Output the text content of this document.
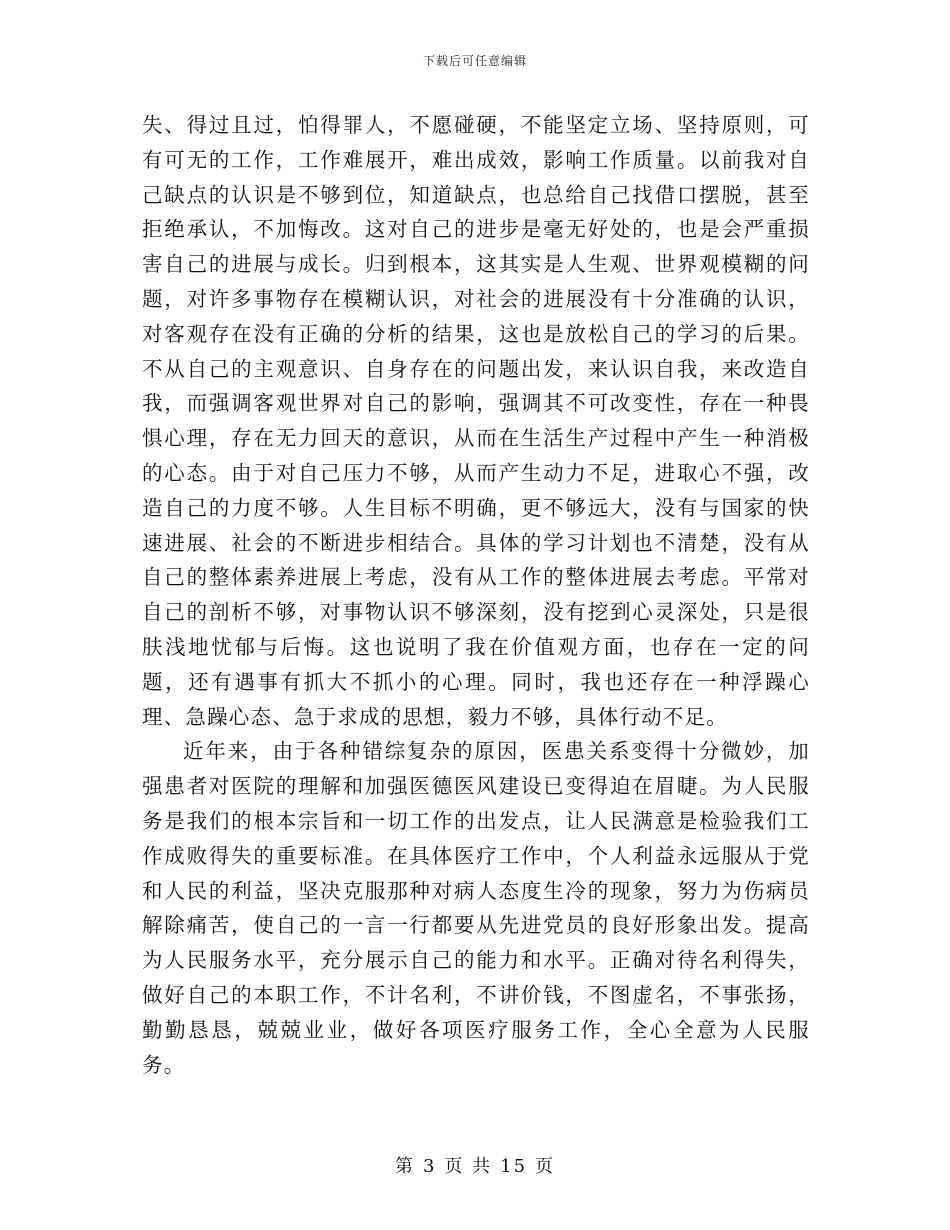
下载后可任意编辑

失、得过且过，怕得罪人，不愿碰硬，不能坚定立场、坚持原则，可有可无的工作，工作难展开，难出成效，影响工作质量。以前我对自己缺点的认识是不够到位，知道缺点，也总给自己找借口摆脱，甚至拒绝承认，不加悔改。这对自己的进步是毫无好处的，也是会严重损害自己的进展与成长。归到根本，这其实是人生观、世界观模糊的问题，对许多事物存在模糊认识，对社会的进展没有十分准确的认识，对客观存在没有正确的分析的结果，这也是放松自己的学习的后果。不从自己的主观意识、自身存在的问题出发，来认识自我，来改造自我，而强调客观世界对自己的影响，强调其不可改变性，存在一种畏惧心理，存在无力回天的意识，从而在生活生产过程中产生一种消极的心态。由于对自己压力不够，从而产生动力不足，进取心不强，改造自己的力度不够。人生目标不明确，更不够远大，没有与国家的快速进展、社会的不断进步相结合。具体的学习计划也不清楚，没有从自己的整体素养进展上考虑，没有从工作的整体进展去考虑。平常对自己的剖析不够，对事物认识不够深刻，没有挖到心灵深处，只是很肤浅地忧郁与后悔。这也说明了我在价值观方面，也存在一定的问题，还有遇事有抓大不抓小的心理。同时，我也还存在一种浮躁心理、急躁心态、急于求成的思想，毅力不够，具体行动不足。

近年来，由于各种错综复杂的原因，医患关系变得十分微妙，加强患者对医院的理解和加强医德医风建设已变得迫在眉睫。为人民服务是我们的根本宗旨和一切工作的出发点，让人民满意是检验我们工作成败得失的重要标准。在具体医疗工作中，个人利益永远服从于党和人民的利益，坚决克服那种对病人态度生冷的现象，努力为伤病员解除痛苦，使自己的一言一行都要从先进党员的良好形象出发。提高为人民服务水平，充分展示自己的能力和水平。正确对待名利得失，做好自己的本职工作，不计名利，不讲价钱，不图虚名，不事张扬，勤勤恳恳，兢兢业业，做好各项医疗服务工作，全心全意为人民服务。

第 3 页 共 15 页
